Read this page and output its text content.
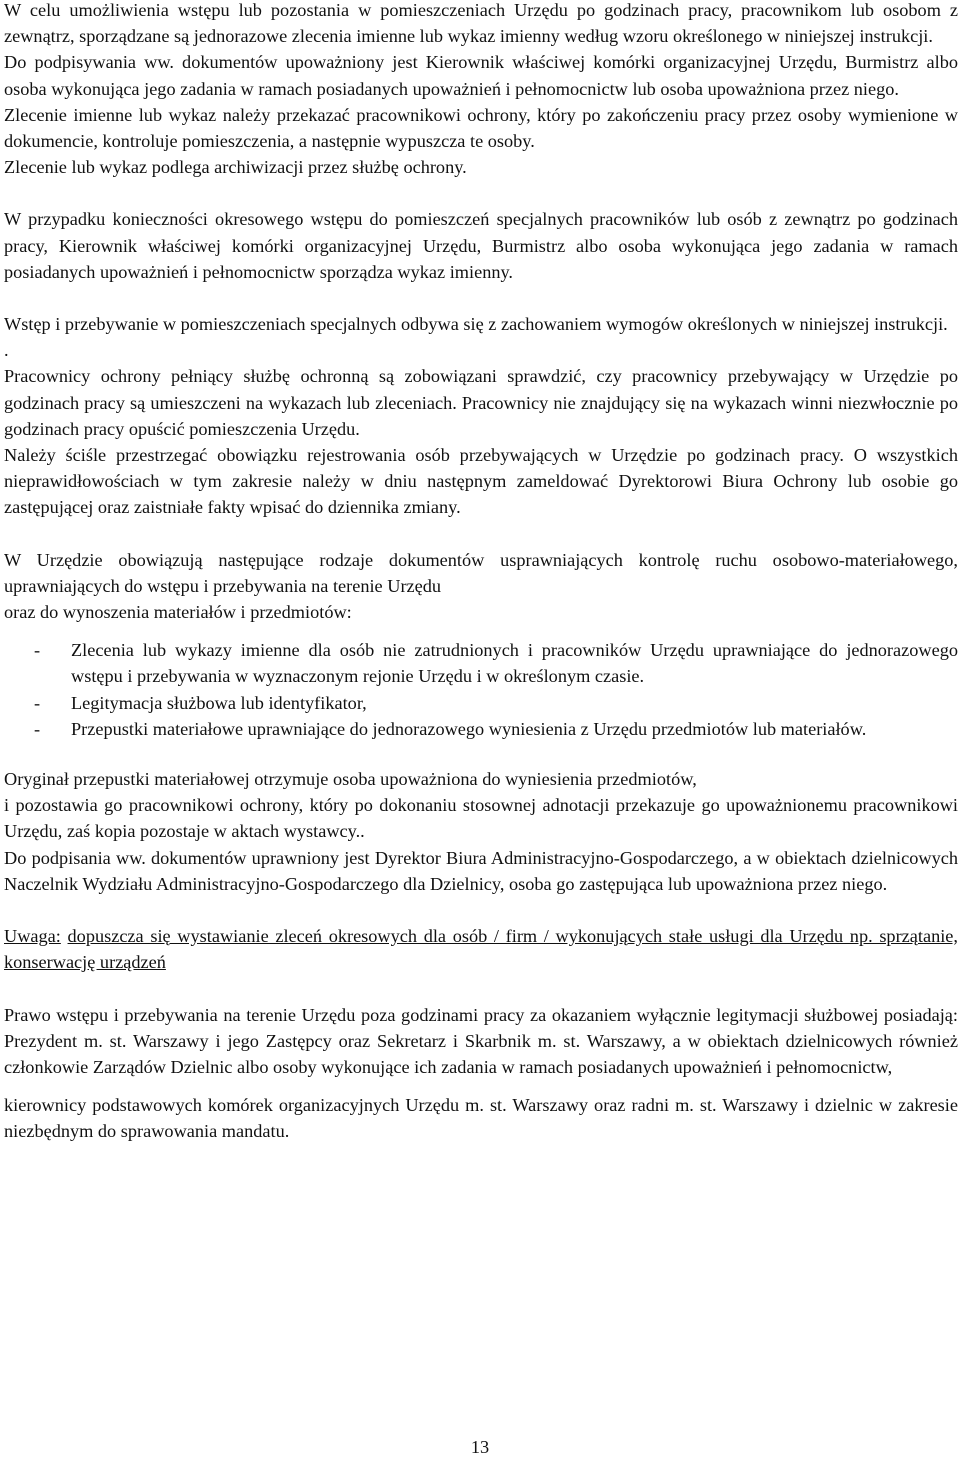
W celu umożliwienia wstępu lub pozostania w pomieszczeniach Urzędu po godzinach pracy, pracownikom lub osobom z zewnątrz, sporządzane są jednorazowe zlecenia imienne lub wykaz imienny według wzoru określonego w niniejszej instrukcji.

Do podpisywania ww. dokumentów upoważniony jest Kierownik właściwej komórki organizacyjnej Urzędu, Burmistrz albo osoba wykonująca jego zadania w ramach posiadanych upoważnień i pełnomocnictw lub osoba upoważniona przez niego.

Zlecenie imienne lub wykaz należy przekazać pracownikowi ochrony, który po zakończeniu pracy przez osoby wymienione w dokumencie, kontroluje pomieszczenia, a następnie wypuszcza te osoby.

Zlecenie lub wykaz podlega archiwizacji przez służbę ochrony.

W przypadku konieczności okresowego wstępu do pomieszczeń specjalnych pracowników lub osób z zewnątrz po godzinach pracy, Kierownik właściwej komórki organizacyjnej Urzędu, Burmistrz albo osoba wykonująca jego zadania w ramach posiadanych upoważnień i pełnomocnictw sporządza wykaz imienny.

Wstęp i przebywanie w pomieszczeniach specjalnych odbywa się z zachowaniem wymogów określonych w niniejszej instrukcji.

.

Pracownicy ochrony pełniący służbę ochronną są zobowiązani sprawdzić, czy pracownicy przebywający w Urzędzie po godzinach pracy są umieszczeni na wykazach lub zleceniach. Pracownicy nie znajdujący się na wykazach winni niezwłocznie po godzinach pracy opuścić pomieszczenia Urzędu.

Należy ściśle przestrzegać obowiązku rejestrowania osób przebywających w Urzędzie po godzinach pracy. O wszystkich nieprawidłowościach w tym zakresie należy w dniu następnym zameldować Dyrektorowi Biura Ochrony lub osobie go zastępującej oraz zaistniałe fakty wpisać do dziennika zmiany.

W Urzędzie obowiązują następujące rodzaje dokumentów usprawniających kontrolę ruchu osobowo-materiałowego, uprawniających do wstępu i przebywania na terenie Urzędu

oraz do wynoszenia materiałów i przedmiotów:

-	Zlecenia lub wykazy imienne dla osób nie zatrudnionych i pracowników Urzędu uprawniające do jednorazowego wstępu i przebywania w wyznaczonym rejonie Urzędu i w określonym czasie.
-	Legitymacja służbowa lub identyfikator,
-	Przepustki materiałowe uprawniające do jednorazowego wyniesienia z Urzędu przedmiotów lub materiałów.

Oryginał przepustki materiałowej otrzymuje osoba upoważniona do wyniesienia przedmiotów,

i pozostawia go pracownikowi ochrony, który po dokonaniu stosownej adnotacji przekazuje go upoważnionemu pracownikowi Urzędu, zaś kopia pozostaje w aktach wystawcy..

Do podpisania ww. dokumentów uprawniony jest Dyrektor Biura Administracyjno-Gospodarczego, a w obiektach dzielnicowych Naczelnik Wydziału Administracyjno-Gospodarczego dla Dzielnicy, osoba go zastępująca lub upoważniona przez niego.

Uwaga: dopuszcza się wystawianie zleceń okresowych dla osób / firm / wykonujących stałe usługi dla Urzędu np. sprzątanie, konserwację urządzeń

Prawo wstępu i przebywania na terenie Urzędu poza godzinami pracy za okazaniem wyłącznie legitymacji służbowej posiadają: Prezydent m. st. Warszawy i jego Zastępcy oraz Sekretarz i Skarbnik m. st. Warszawy, a w obiektach dzielnicowych również członkowie Zarządów Dzielnic albo osoby wykonujące ich zadania w ramach posiadanych upoważnień i pełnomocnictw,

kierownicy podstawowych komórek organizacyjnych Urzędu m. st. Warszawy oraz radni m. st. Warszawy i dzielnic w zakresie niezbędnym do sprawowania mandatu.

13
